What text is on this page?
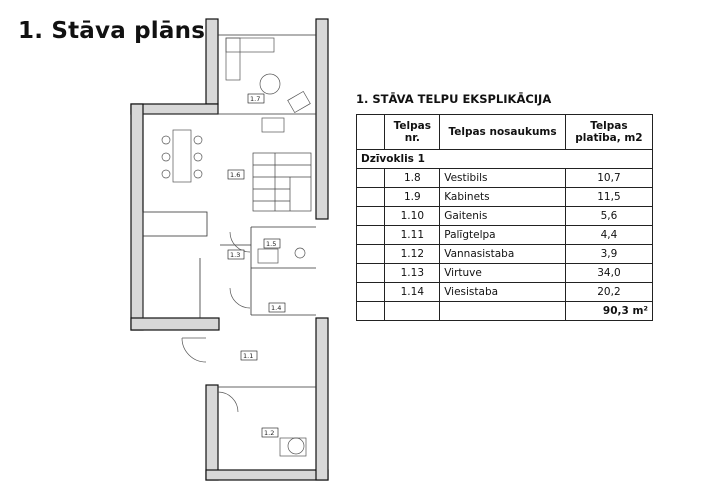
1. Stāva plāns
1.7
1.6
1.5
1.3
1.4
1.1
1.2
1. STĀVA TELPU EKSPLIKĀCIJA
	Telpas nr.	Telpas nosaukums	Telpas platība, m2
Dzīvoklis 1			
	1.8	Vestibils	10,7
	1.9	Kabinets	11,5
	1.10	Gaitenis	5,6
	1.11	Palīgtelpa	4,4
	1.12	Vannasistaba	3,9
	1.13	Virtuve	34,0
	1.14	Viesistaba	20,2
			90,3 m²
